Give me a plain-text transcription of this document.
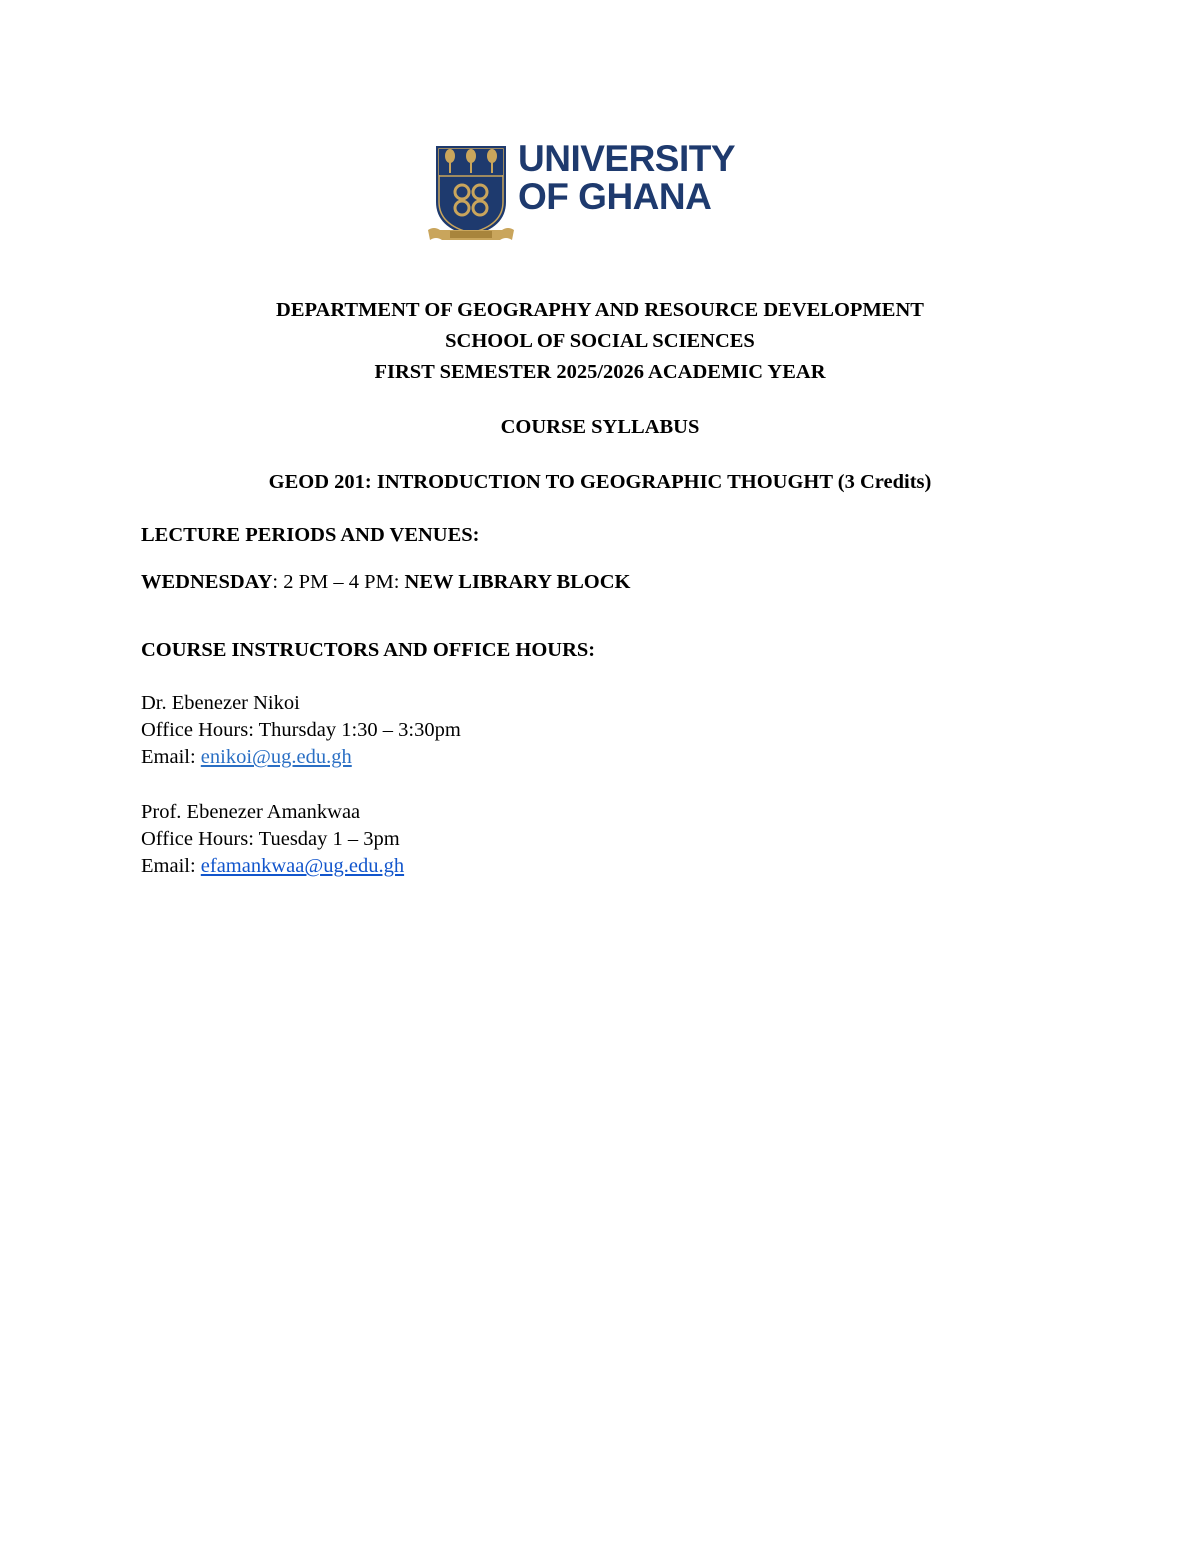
UNIVERSITY
OF GHANA
DEPARTMENT OF GEOGRAPHY AND RESOURCE DEVELOPMENT
SCHOOL OF SOCIAL SCIENCES
FIRST SEMESTER 2025/2026 ACADEMIC YEAR
COURSE SYLLABUS
GEOD 201: INTRODUCTION TO GEOGRAPHIC THOUGHT (3 Credits)
LECTURE PERIODS AND VENUES:
WEDNESDAY: 2 PM – 4 PM: NEW LIBRARY BLOCK
COURSE INSTRUCTORS AND OFFICE HOURS:
Dr. Ebenezer Nikoi
Office Hours: Thursday 1:30 – 3:30pm
Email: enikoi@ug.edu.gh
Prof. Ebenezer Amankwaa
Office Hours: Tuesday 1 – 3pm
Email: efamankwaa@ug.edu.gh
